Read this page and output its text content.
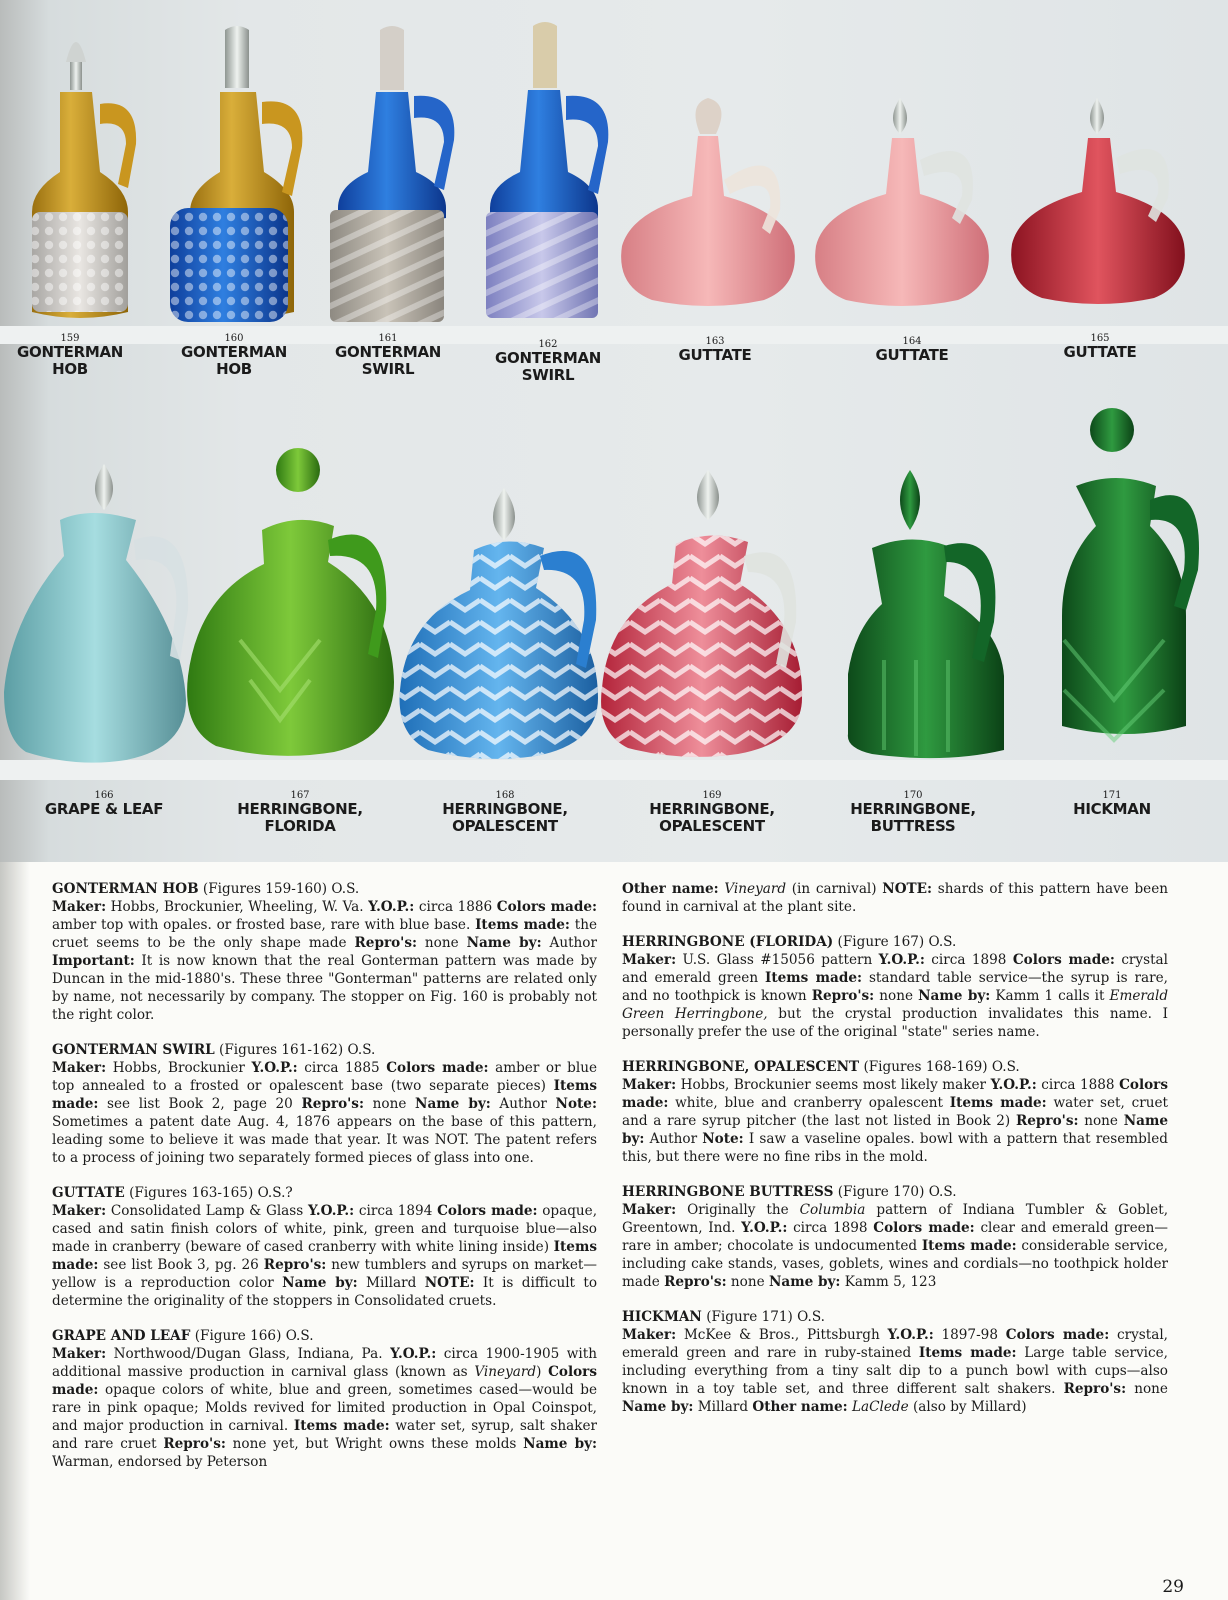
159
GONTERMAN
HOB
160
GONTERMAN
HOB
161
GONTERMAN
SWIRL
162
GONTERMAN
SWIRL
163
GUTTATE
164
GUTTATE
165
GUTTATE
166
GRAPE & LEAF
167
HERRINGBONE,
FLORIDA
168
HERRINGBONE,
OPALESCENT
169
HERRINGBONE,
OPALESCENT
170
HERRINGBONE,
BUTTRESS
171
HICKMAN

GONTERMAN HOB (Figures 159-160) O.S.
Maker: Hobbs, Brockunier, Wheeling, W. Va. Y.O.P.: circa 1886 Colors made: amber top with opales. or frosted base, rare with blue base. Items made: the cruet seems to be the only shape made Repro's: none Name by: Author Important: It is now known that the real Gonterman pattern was made by Duncan in the mid-1880's. These three "Gonterman" patterns are related only by name, not necessarily by company. The stopper on Fig. 160 is probably not the right color.

GONTERMAN SWIRL (Figures 161-162) O.S.
Maker: Hobbs, Brockunier Y.O.P.: circa 1885 Colors made: amber or blue top annealed to a frosted or opalescent base (two separate pieces) Items made: see list Book 2, page 20 Repro's: none Name by: Author Note: Sometimes a patent date Aug. 4, 1876 appears on the base of this pattern, leading some to believe it was made that year. It was NOT. The patent refers to a process of joining two separately formed pieces of glass into one.

GUTTATE (Figures 163-165) O.S.?
Maker: Consolidated Lamp & Glass Y.O.P.: circa 1894 Colors made: opaque, cased and satin finish colors of white, pink, green and turquoise blue—also made in cranberry (beware of cased cranberry with white lining inside) Items made: see list Book 3, pg. 26 Repro's: new tumblers and syrups on market—yellow is a reproduction color Name by: Millard NOTE: It is difficult to determine the originality of the stoppers in Consolidated cruets.

GRAPE AND LEAF (Figure 166) O.S.
Maker: Northwood/Dugan Glass, Indiana, Pa. Y.O.P.: circa 1900-1905 with additional massive production in carnival glass (known as Vineyard) Colors made: opaque colors of white, blue and green, sometimes cased—would be rare in pink opaque; Molds revived for limited production in Opal Coinspot, and major production in carnival. Items made: water set, syrup, salt shaker and rare cruet Repro's: none yet, but Wright owns these molds Name by: Warman, endorsed by Peterson

Other name: Vineyard (in carnival) NOTE: shards of this pattern have been found in carnival at the plant site.

HERRINGBONE (FLORIDA) (Figure 167) O.S.
Maker: U.S. Glass #15056 pattern Y.O.P.: circa 1898 Colors made: crystal and emerald green Items made: standard table service—the syrup is rare, and no toothpick is known Repro's: none Name by: Kamm 1 calls it Emerald Green Herringbone, but the crystal production invalidates this name. I personally prefer the use of the original "state" series name.

HERRINGBONE, OPALESCENT (Figures 168-169) O.S.
Maker: Hobbs, Brockunier seems most likely maker Y.O.P.: circa 1888 Colors made: white, blue and cranberry opalescent Items made: water set, cruet and a rare syrup pitcher (the last not listed in Book 2) Repro's: none Name by: Author Note: I saw a vaseline opales. bowl with a pattern that resembled this, but there were no fine ribs in the mold.

HERRINGBONE BUTTRESS (Figure 170) O.S.
Maker: Originally the Columbia pattern of Indiana Tumbler & Goblet, Greentown, Ind. Y.O.P.: circa 1898 Colors made: clear and emerald green—rare in amber; chocolate is undocumented Items made: considerable service, including cake stands, vases, goblets, wines and cordials—no toothpick holder made Repro's: none Name by: Kamm 5, 123

HICKMAN (Figure 171) O.S.
Maker: McKee & Bros., Pittsburgh Y.O.P.: 1897-98 Colors made: crystal, emerald green and rare in ruby-stained Items made: Large table service, including everything from a tiny salt dip to a punch bowl with cups—also known in a toy table set, and three different salt shakers. Repro's: none Name by: Millard Other name: LaClede (also by Millard)

29
